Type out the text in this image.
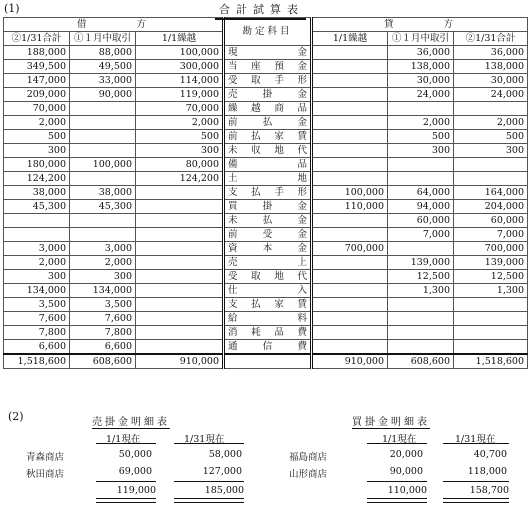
(1)	合計試算表
借方			勘定科目	貸方		
②1/31合計	①１月中取引	1/1繰越		1/1繰越	①１月中取引	②1/31合計
188,000	88,000	100,000	現 金		36,000	36,000
349,500	49,500	300,000	当 座 預 金		138,000	138,000
147,000	33,000	114,000	受 取 手 形		30,000	30,000
209,000	90,000	119,000	売 掛 金		24,000	24,000
70,000		70,000	繰 越 商 品			

2,000		2,000	前 払 金		2,000	2,000
500		500	前 払 家 賃		500	500
300		300	未 収 地 代		300	300
180,000	100,000	80,000	備 品			

124,200		124,200	土 地			

38,000	38,000		支 払 手 形	100,000	64,000	164,000
45,300	45,300		買 掛 金	110,000	94,000	204,000

			未 払 金		60,000	60,000

			前 受 金		7,000	7,000
3,000	3,000		資 本 金	700,000		700,000
2,000	2,000		売 上		139,000	139,000
300	300		受 取 地 代		12,500	12,500
134,000	134,000		仕 入		1,300	1,300
3,500	3,500		支 払 家 賃			

7,600	7,600		給 料			

7,800	7,800		消 耗 品 費			

6,600	6,600		通 信 費			

1,518,600	608,600	910,000		910,000	608,600	1,518,600
(2)	売掛金明細表
1/1現在	1/31現在
青森商店	50,000	58,000
秋田商店	69,000	127,000
119,000	185,000
買掛金明細表
1/1現在	1/31現在
福島商店	20,000	40,700
山形商店	90,000	118,000
110,000	158,700
